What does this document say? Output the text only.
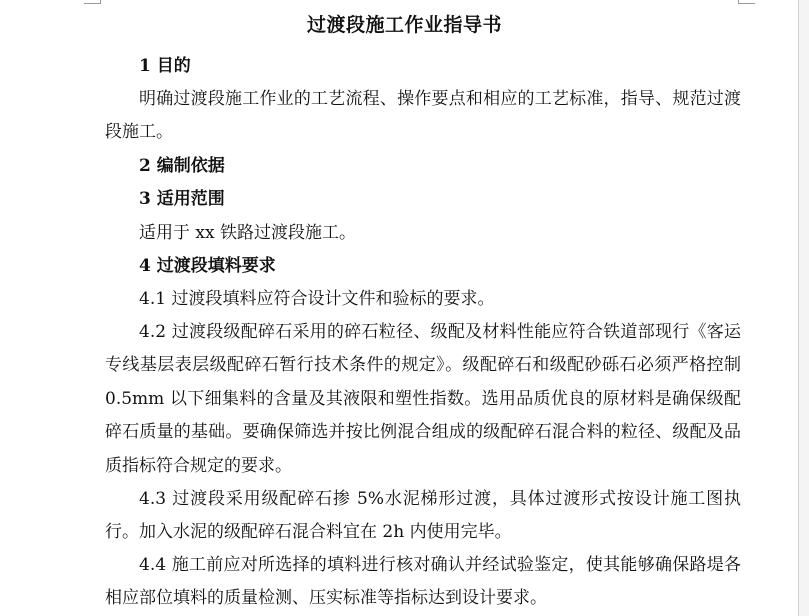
过渡段施工作业指导书
1 目的
明确过渡段施工作业的工艺流程、操作要点和相应的工艺标准，指导、规范过渡段施工。
2 编制依据
3 适用范围
适用于 xx 铁路过渡段施工。
4 过渡段填料要求
4.1 过渡段填料应符合设计文件和验标的要求。
4.2 过渡段级配碎石采用的碎石粒径、级配及材料性能应符合铁道部现行《客运专线基层表层级配碎石暂行技术条件的规定》。级配碎石和级配砂砾石必须严格控制 0.5mm 以下细集料的含量及其液限和塑性指数。选用品质优良的原材料是确保级配碎石质量的基础。要确保筛选并按比例混合组成的级配碎石混合料的粒径、级配及品质指标符合规定的要求。
4.3 过渡段采用级配碎石掺 5%水泥梯形过渡，具体过渡形式按设计施工图执行。加入水泥的级配碎石混合料宜在 2h 内使用完毕。
4.4 施工前应对所选择的填料进行核对确认并经试验鉴定，使其能够确保路堤各相应部位填料的质量检测、压实标准等指标达到设计要求。
